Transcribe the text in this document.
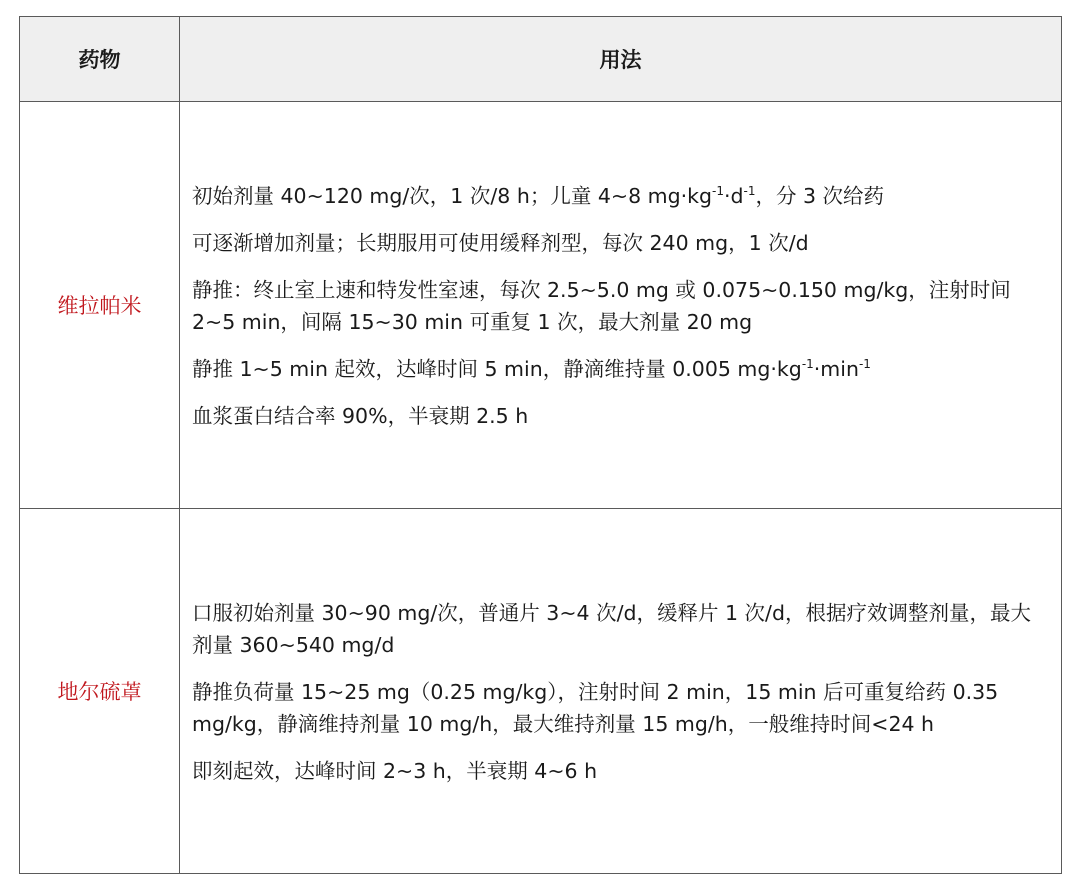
药物	用法
维拉帕米	初始剂量 40~120 mg/次，1 次/8 h；儿童 4~8 $mg\cdot kg^{-1}\cdot d^{-1}$，分 3 次给药

可逐渐增加剂量；长期服用可使用缓释剂型，每次 240 mg，1 次/d

静推：终止室上速和特发性室速，每次 2.5~5.0 mg 或 0.075~0.150 mg/kg，注射时间 2~5 min，间隔 15~30 min 可重复 1 次，最大剂量 20 mg

静推 1~5 min 起效，达峰时间 5 min，静滴维持量 0.005 $mg\cdot kg^{-1}\cdot\min^{-1}$

血浆蛋白结合率 90%，半衰期 2.5 h

地尔硫䓬	口服初始剂量 30~90 mg/次，普通片 3~4 次/d，缓释片 1 次/d，根据疗效调整剂量，最大剂量 360~540 mg/d

静推负荷量 15~25 mg（0.25 mg/kg），注射时间 2 min，15 min 后可重复给药 0.35 mg/kg，静滴维持剂量 10 mg/h，最大维持剂量 15 mg/h，一般维持时间<24 h

即刻起效，达峰时间 2~3 h，半衰期 4~6 h
